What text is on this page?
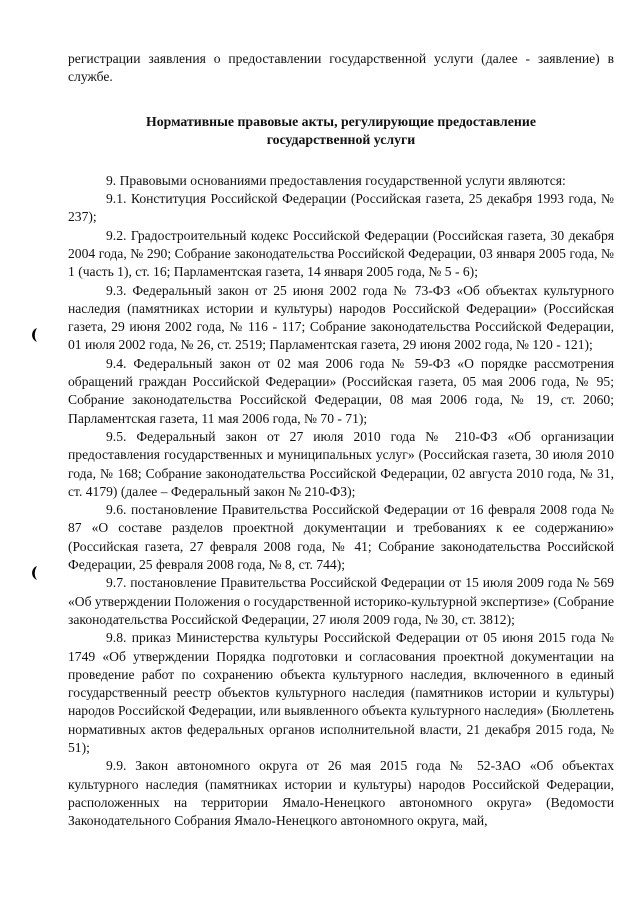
регистрации заявления о предоставлении государственной услуги (далее - заявление) в службе.

Нормативные правовые акты, регулирующие предоставление
государственной услуги

9. Правовыми основаниями предоставления государственной услуги являются:

9.1. Конституция Российской Федерации (Российская газета, 25 декабря 1993 года, № 237);

9.2. Градостроительный кодекс Российской Федерации (Российская газета, 30 декабря 2004 года, № 290; Собрание законодательства Российской Федерации, 03 января 2005 года, № 1 (часть 1), ст. 16; Парламентская газета, 14 января 2005 года, № 5 - 6);

9.3. Федеральный закон от 25 июня 2002 года № 73-ФЗ «Об объектах культурного наследия (памятниках истории и культуры) народов Российской Федерации» (Российская газета, 29 июня 2002 года, № 116 - 117; Собрание законодательства Российской Федерации, 01 июля 2002 года, № 26, ст. 2519; Парламентская газета, 29 июня 2002 года, № 120 - 121);

9.4. Федеральный закон от 02 мая 2006 года № 59-ФЗ «О порядке рассмотрения обращений граждан Российской Федерации» (Российская газета, 05 мая 2006 года, № 95; Собрание законодательства Российской Федерации, 08 мая 2006 года, № 19, ст. 2060; Парламентская газета, 11 мая 2006 года, № 70 - 71);

9.5. Федеральный закон от 27 июля 2010 года № 210-ФЗ «Об организации предоставления государственных и муниципальных услуг» (Российская газета, 30 июля 2010 года, № 168; Собрание законодательства Российской Федерации, 02 августа 2010 года, № 31, ст. 4179) (далее – Федеральный закон № 210-ФЗ);

9.6. постановление Правительства Российской Федерации от 16 февраля 2008 года № 87 «О составе разделов проектной документации и требованиях к ее содержанию» (Российская газета, 27 февраля 2008 года, № 41; Собрание законодательства Российской Федерации, 25 февраля 2008 года, № 8, ст. 744);

9.7. постановление Правительства Российской Федерации от 15 июля 2009 года № 569 «Об утверждении Положения о государственной историко-культурной экспертизе» (Собрание законодательства Российской Федерации, 27 июля 2009 года, № 30, ст. 3812);

9.8. приказ Министерства культуры Российской Федерации от 05 июня 2015 года № 1749 «Об утверждении Порядка подготовки и согласования проектной документации на проведение работ по сохранению объекта культурного наследия, включенного в единый государственный реестр объектов культурного наследия (памятников истории и культуры) народов Российской Федерации, или выявленного объекта культурного наследия» (Бюллетень нормативных актов федеральных органов исполнительной власти, 21 декабря 2015 года, № 51);

9.9. Закон автономного округа от 26 мая 2015 года № 52-ЗАО «Об объектах культурного наследия (памятниках истории и культуры) народов Российской Федерации, расположенных на территории Ямало-Ненецкого автономного округа» (Ведомости Законодательного Собрания Ямало-Ненецкого автономного округа, май,
